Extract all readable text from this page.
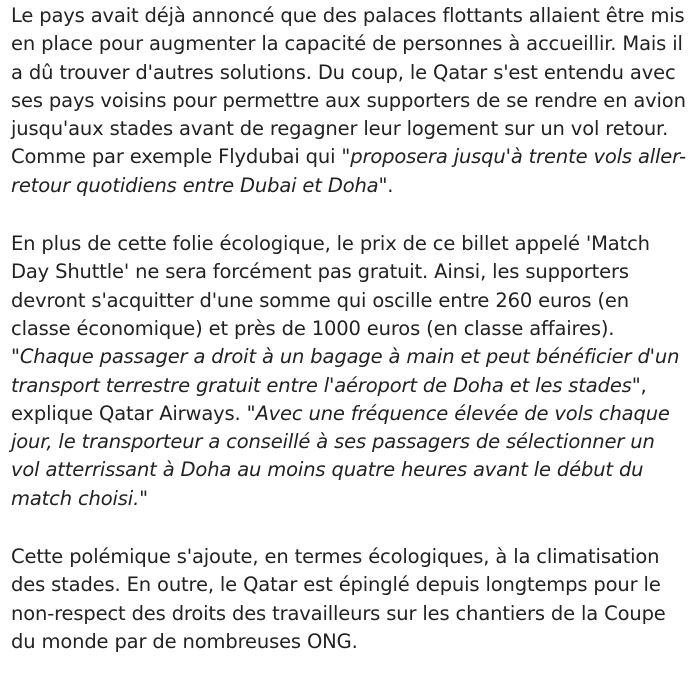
Le pays avait déjà annoncé que des palaces flottants allaient être mis en place pour augmenter la capacité de personnes à accueillir. Mais il a dû trouver d'autres solutions. Du coup, le Qatar s'est entendu avec ses pays voisins pour permettre aux supporters de se rendre en avion jusqu'aux stades avant de regagner leur logement sur un vol retour. Comme par exemple Flydubai qui "proposera jusqu'à trente vols aller-retour quotidiens entre Dubai et Doha".

En plus de cette folie écologique, le prix de ce billet appelé 'Match Day Shuttle' ne sera forcément pas gratuit. Ainsi, les supporters devront s'acquitter d'une somme qui oscille entre 260 euros (en classe économique) et près de 1000 euros (en classe affaires). "Chaque passager a droit à un bagage à main et peut bénéficier d'un transport terrestre gratuit entre l'aéroport de Doha et les stades", explique Qatar Airways. "Avec une fréquence élevée de vols chaque jour, le transporteur a conseillé à ses passagers de sélectionner un vol atterrissant à Doha au moins quatre heures avant le début du match choisi."

Cette polémique s'ajoute, en termes écologiques, à la climatisation des stades. En outre, le Qatar est épinglé depuis longtemps pour le non-respect des droits des travailleurs sur les chantiers de la Coupe du monde par de nombreuses ONG.
